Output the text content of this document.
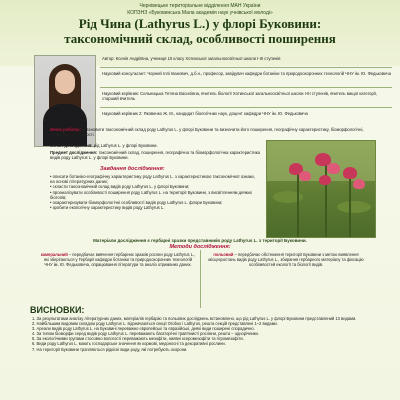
Чернівецьке територіальне відділення МАН України
КОПЗНЗ «Буковинська Мала академія наук учнівської молоді»
Рід Чина (Lathyrus L.) у флорі Буковини:
таксономічний склад, особливості поширення
Автор: Ксенія Андріївна, учениця 10 класу Хотинської загальноосвітньої школи І-ІІІ ступенів
Науковий консультант: Чорней Іллі Іванович, д.б.н., професор, завідувач кафедри ботаніки та природоохоронних технологій ЧНУ ім. Ю. Федьковича
Науковий керівник: Сельницька Тетяна Василівна, вчитель біології Хотинської загальноосвітньої школи І-ІІІ ступенів, вчитель вищої категорії, старший вчитель
Науковий керівник 2: Яковенко Ж. М., кандидат біологічних наук, доцент кафедри ЧНУ ім. Ю. Федьковича
Мета роботи: встановити таксономічний склад роду Lathyrus L. у флорі Буковини та визначити його поширення, географічну характеристику, біоморфологічні, екологічні особливості.
Об'єкт дослідження: рід Lathyrus L. у флорі Буковини.
Предмет дослідження: таксономічний склад, поширення, географічна та біоморфологічна характеристика видів роду Lathyrus L. у флорі Буковини.
Завдання дослідження:
• описати ботаніко-географічну характеристику роду Lathyrus L. з характеристикою таксономічної ознаки, на основі літературних даних;
• скласти таксономічний склад видів роду Lathyrus L. у флорі Буковини;
• проаналізувати особливості поширення роду Lathyrus L. на території Буковини, з висвітленням деяких біотопів;
• охарактеризувати біоморфологічні особливості видів роду Lathyrus L. флори Буковини;
• зробити екологічну характеристику видів роду Lathyrus L.
Матеріали дослідження є гербарні зразки представників роду Lathyrus L. з території Буковини.
Методи дослідження:
камеральний – передбачає вивчення гербарних зразків рослин роду Lathyrus L., які зберігаються у Гербарії кафедри ботаніки та природоохоронних технологій ЧНУ ім. Ю. Федьковича, опрацювання літератури та аналіз отриманих даних.
польовий – передбачає обстеження території Буковини з метою виявлення місцезростань видів роду Lathyrus L., збирання гербарного матеріалу та фіксацію особливостей екології та біології видів.
ВИСНОВКИ:
1. За результатами аналізу літературних даних, матеріалів гербарію та польових досліджень встановлено, що рід Lathyrus L. у флорі Буковини представлений 13 видами.
2. Найбільшим видовим складом роду Lathyrus L. відзначаються секції Orobus і Lathyrus, решта секцій представлені 1–2 видами.
3. Ареали видів роду Lathyrus L. на Буковині переважно європейські та євразійські, деякі види поширені спорадично.
4. За типом біоморфи серед видів роду Lathyrus L. переважають багаторічні трав'янисті рослини, решта – однорічники.
5. За екологічними групами стосовно вологості переважають мезофіти, наявні ксеромезофіти та гігромезофіти.
6. Види роду Lathyrus L. мають господарське значення як кормові, медоносні та декоративні рослини.
7. На території Буковини трапляються рідкісні види роду, які потребують охорони.
